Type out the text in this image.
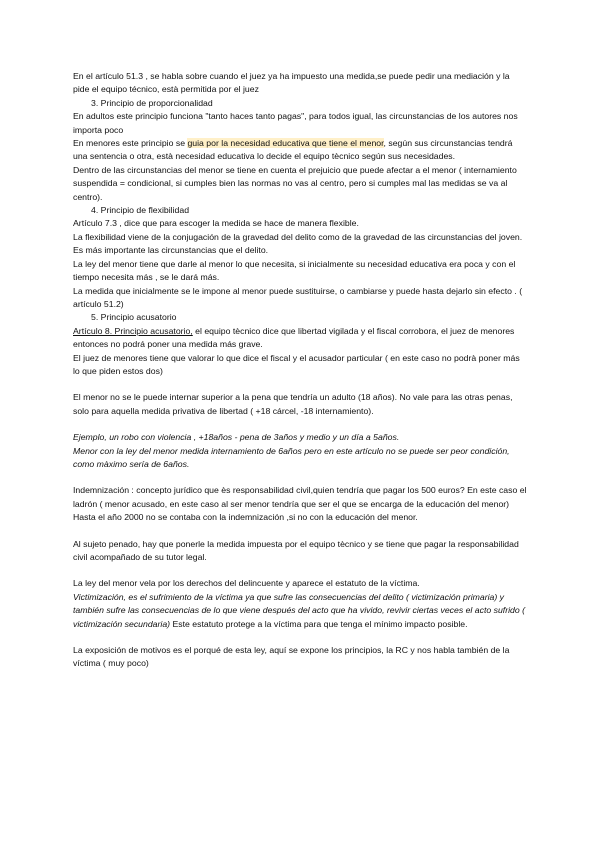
En el artículo 51.3 , se habla sobre cuando el juez ya ha impuesto una medida,se puede pedir una mediación y la pide el equipo técnico, està permitida por el juez

3. Principio de proporcionalidad

En adultos este principio funciona "tanto haces tanto pagas", para todos igual, las circunstancias de los autores nos importa poco

En menores este principio se guia por la necesidad educativa que tiene el menor, según sus circunstancias tendrá una sentencia o otra, està necesidad educativa lo decide el equipo tècnico según sus necesidades.

Dentro de las circunstancias del menor se tiene en cuenta el prejuicio que puede afectar a el menor ( internamiento suspendida = condicional, si cumples bien las normas no vas al centro, pero si cumples mal las medidas se va al centro).

4. Principio de flexibilidad

Artículo 7.3 , dice que para escoger la medida se hace de manera flexible.

La flexibilidad viene de la conjugación de la gravedad del delito como de la gravedad de las circunstancias del joven.

Es más importante las circunstancias que el delito.

La ley del menor tiene que darle al menor lo que necesita, si inicialmente su necesidad educativa era poca y con el tiempo necesita más , se le dará más.

La medida que inicialmente se le impone al menor puede sustituirse, o cambiarse y puede hasta dejarlo sin efecto . ( artículo 51.2)

5. Principio acusatorio

Artículo 8. Principio acusatorio, el equipo tècnico dice que libertad vigilada y el fiscal corrobora, el juez de menores entonces no podrá poner una medida más grave.

El juez de menores tiene que valorar lo que dice el fiscal y el acusador particular ( en este caso no podrà poner más lo que piden estos dos)

El menor no se le puede internar superior a la pena que tendría un adulto (18 años). No vale para las otras penas, solo para aquella medida privativa de libertad ( +18 cárcel, -18 internamiento).

Ejemplo, un robo con violencia , +18años - pena de 3años y medio y un día a 5años.

Menor con la ley del menor medida internamiento de 6años pero en este artículo no se puede ser peor condición, como màximo sería de 6años.

Indemnización : concepto jurídico que ès responsabilidad civil,quien tendría que pagar los 500 euros? En este caso el ladrón ( menor acusado, en este caso al ser menor tendría que ser el que se encarga de la educación del menor) Hasta el año 2000 no se contaba con la indemnización ,si no con la educación del menor.

Al sujeto penado, hay que ponerle la medida impuesta por el equipo tècnico y se tiene que pagar la responsabilidad civil acompañado de su tutor legal.

La ley del menor vela por los derechos del delincuente y aparece el estatuto de la víctima.

Victimización, es el sufrimiento de la víctima ya que sufre las consecuencias del delito ( victimización primaria) y también sufre las consecuencias de lo que viene después del acto que ha vivido, revivir ciertas veces el acto sufrido ( victimización secundaria) Este estatuto protege a la víctima para que tenga el mínimo impacto posible.

La exposición de motivos es el porqué de esta ley, aquí se expone los principios, la RC y nos habla también de la víctima ( muy poco)
